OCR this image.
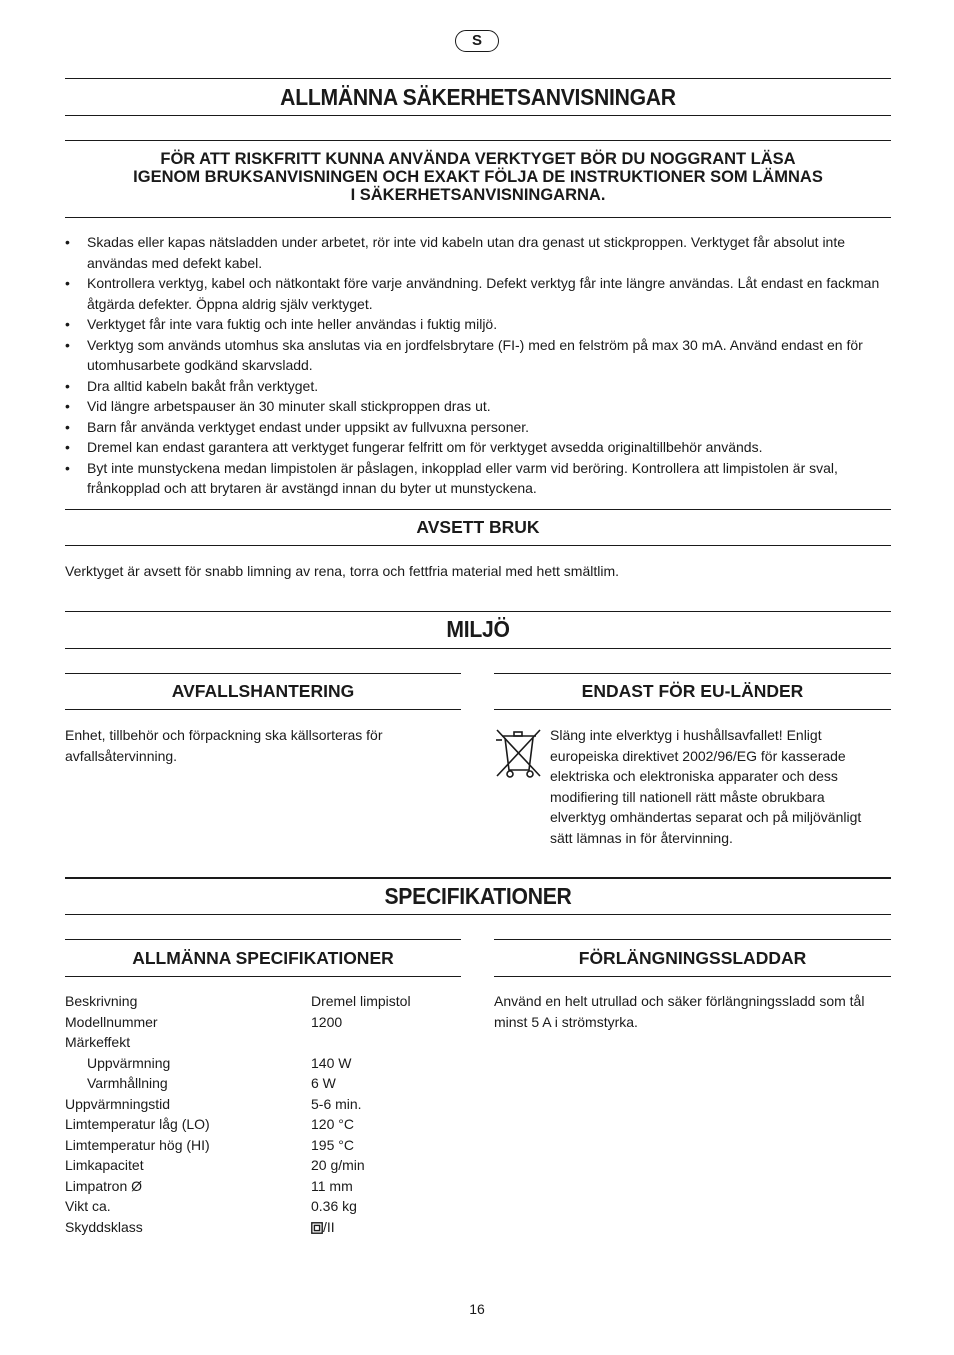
S
ALLMÄNNA SÄKERHETSANVISNINGAR
FÖR ATT RISKFRITT KUNNA ANVÄNDA VERKTYGET BÖR DU NOGGRANT LÄSA
IGENOM BRUKSANVISNINGEN OCH EXAKT FÖLJA DE INSTRUKTIONER SOM LÄMNAS
I SÄKERHETSANVISNINGARNA.
• Skadas eller kapas nätsladden under arbetet, rör inte vid kabeln utan dra genast ut stickproppen. Verktyget får absolut inte användas med defekt kabel.
• Kontrollera verktyg, kabel och nätkontakt före varje användning. Defekt verktyg får inte längre användas. Låt endast en fackman åtgärda defekter. Öppna aldrig själv verktyget.
• Verktyget får inte vara fuktig och inte heller användas i fuktig miljö.
• Verktyg som används utomhus ska anslutas via en jordfelsbrytare (FI-) med en felström på max 30 mA. Använd endast en för utomhusarbete godkänd skarvsladd.
• Dra alltid kabeln bakåt från verktyget.
• Vid längre arbetspauser än 30 minuter skall stickproppen dras ut.
• Barn får använda verktyget endast under uppsikt av fullvuxna personer.
• Dremel kan endast garantera att verktyget fungerar felfritt om för verktyget avsedda originaltillbehör används.
• Byt inte munstyckena medan limpistolen är påslagen, inkopplad eller varm vid beröring. Kontrollera att limpistolen är sval, frånkopplad och att brytaren är avstängd innan du byter ut munstyckena.
AVSETT BRUK
Verktyget är avsett för snabb limning av rena, torra och fettfria material med hett smältlim.
MILJÖ
AVFALLSHANTERING
Enhet, tillbehör och förpackning ska källsorteras för
avfallsåtervinning.
ENDAST FÖR EU-LÄNDER
Släng inte elverktyg i hushållsavfallet! Enligt
europeiska direktivet 2002/96/EG för kasserade
elektriska och elektroniska apparater och dess
modifiering till nationell rätt måste obrukbara
elverktyg omhändertas separat och på miljövänligt
sätt lämnas in för återvinning.
SPECIFIKATIONER
ALLMÄNNA SPECIFIKATIONER
Beskrivning	Dremel limpistol
Modellnummer	1200
Märkeffekt	
Uppvärmning	140 W
Varmhållning	6 W
Uppvärmningstid	5-6 min.
Limtemperatur låg (LO)	120 °C
Limtemperatur hög (HI)	195 °C
Limkapacitet	20 g/min
Limpatron Ø	11 mm
Vikt ca.	0.36 kg
Skyddsklass	/II
FÖRLÄNGNINGSSLADDAR
Använd en helt utrullad och säker förlängningssladd som tål
minst 5 A i strömstyrka.
16
